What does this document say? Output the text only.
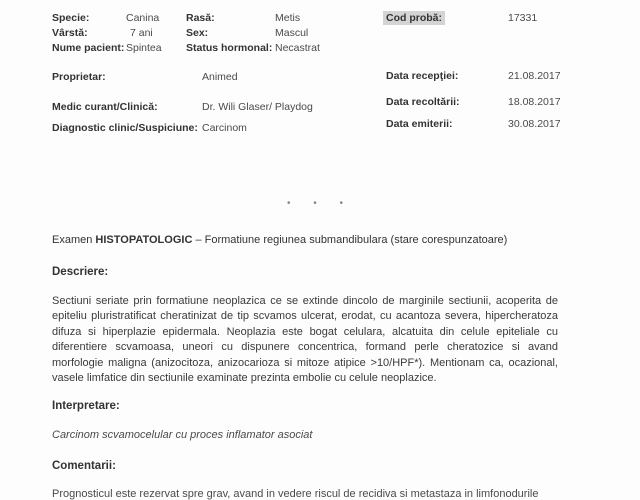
Specie:	Canina	Rasă:	Metis	Cod probă:	17331
Vârstă:	7 ani	Sex:	Mascul
Nume pacient: Spintea Status hormonal: Necastrat
Proprietar:	Animed	Data recepţiei:	21.08.2017
Data recoltării:	18.08.2017
Medic curant/Clinică:	Dr. Wili Glaser/ Playdog
Data emiterii:	30.08.2017
Diagnostic clinic/Suspiciune: Carcinom
• • •
Examen HISTOPATOLOGIC – Formatiune regiunea submandibulara (stare corespunzatoare)
Descriere:
Sectiuni seriate prin formatiune neoplazica ce se extinde dincolo de marginile sectiunii, acoperita de epiteliu pluristratificat cheratinizat de tip scvamos ulcerat, erodat, cu acantoza severa, hipercheratoza difuza si hiperplazie epidermala. Neoplazia este bogat celulara, alcatuita din celule epiteliale cu diferentiere scvamoasa, uneori cu dispunere concentrica, formand perle cheratozice si avand morfologie maligna (anizocitoza, anizocarioza si mitoze atipice >10/HPF*). Mentionam ca, ocazional, vasele limfatice din sectiunile examinate prezinta embolie cu celule neoplazice.
Interpretare:
Carcinom scvamocelular cu proces inflamator asociat
Comentarii:
Prognosticul este rezervat spre grav, avand in vedere riscul de recidiva si metastaza in limfonodurile
